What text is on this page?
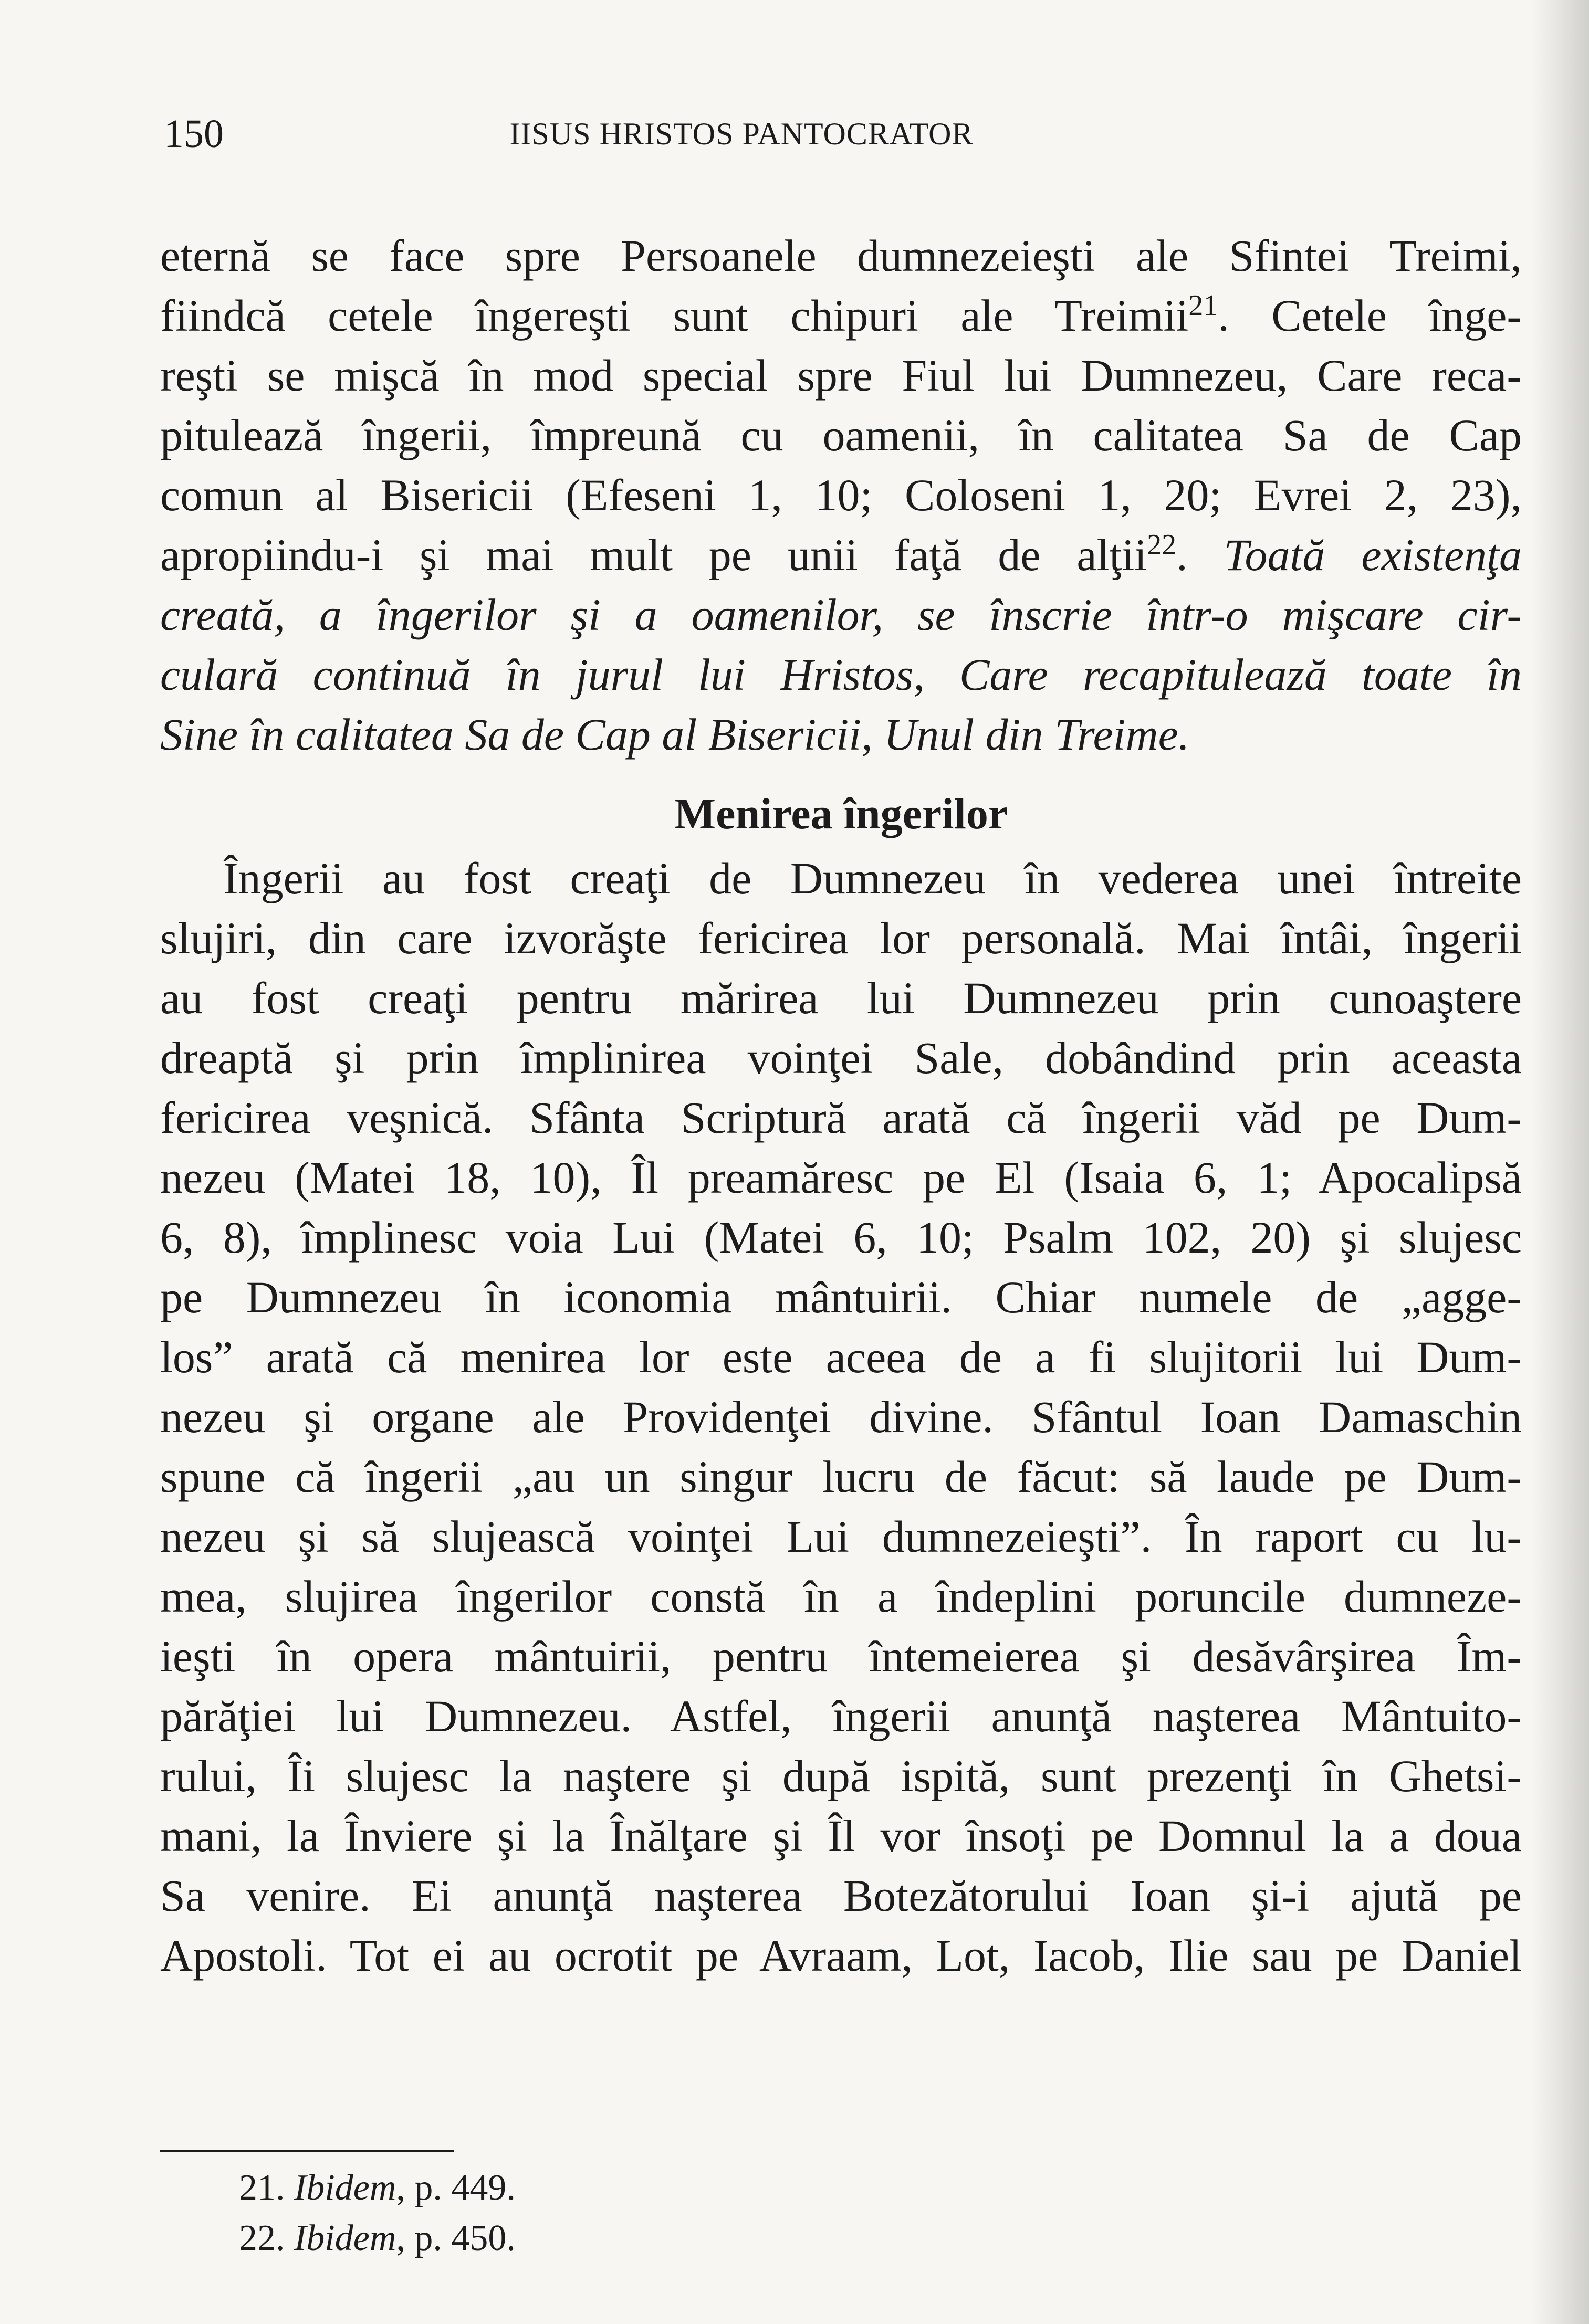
150	IISUS HRISTOS PANTOCRATOR
eternă se face spre Persoanele dumnezeieşti ale Sfintei Treimi,
fiindcă cetele îngereşti sunt chipuri ale Treimii$^{21}$. Cetele înge-
reşti se mişcă în mod special spre Fiul lui Dumnezeu, Care reca-
pitulează îngerii, împreună cu oamenii, în calitatea Sa de Cap
comun al Bisericii (Efeseni 1, 10; Coloseni 1, 20; Evrei 2, 23),
apropiindu-i şi mai mult pe unii faţă de alţii$^{22}$. Toată existenţa
creată, a îngerilor şi a oamenilor, se înscrie într-o mişcare cir-
culară continuă în jurul lui Hristos, Care recapitulează toate în
Sine în calitatea Sa de Cap al Bisericii, Unul din Treime.
Menirea îngerilor
Îngerii au fost creaţi de Dumnezeu în vederea unei întreite
slujiri, din care izvorăşte fericirea lor personală. Mai întâi, îngerii
au fost creaţi pentru mărirea lui Dumnezeu prin cunoaştere
dreaptă şi prin împlinirea voinţei Sale, dobândind prin aceasta
fericirea veşnică. Sfânta Scriptură arată că îngerii văd pe Dum-
nezeu (Matei 18, 10), Îl preamăresc pe El (Isaia 6, 1; Apocalipsă
6, 8), împlinesc voia Lui (Matei 6, 10; Psalm 102, 20) şi slujesc
pe Dumnezeu în iconomia mântuirii. Chiar numele de „agge-
los” arată că menirea lor este aceea de a fi slujitorii lui Dum-
nezeu şi organe ale Providenţei divine. Sfântul Ioan Damaschin
spune că îngerii „au un singur lucru de făcut: să laude pe Dum-
nezeu şi să slujească voinţei Lui dumnezeieşti”. În raport cu lu-
mea, slujirea îngerilor constă în a îndeplini poruncile dumneze-
ieşti în opera mântuirii, pentru întemeierea şi desăvârşirea Îm-
părăţiei lui Dumnezeu. Astfel, îngerii anunţă naşterea Mântuito-
rului, Îi slujesc la naştere şi după ispită, sunt prezenţi în Ghetsi-
mani, la Înviere şi la Înălţare şi Îl vor însoţi pe Domnul la a doua
Sa venire. Ei anunţă naşterea Botezătorului Ioan şi-i ajută pe
Apostoli. Tot ei au ocrotit pe Avraam, Lot, Iacob, Ilie sau pe Daniel
21. Ibidem, p. 449.
22. Ibidem, p. 450.
